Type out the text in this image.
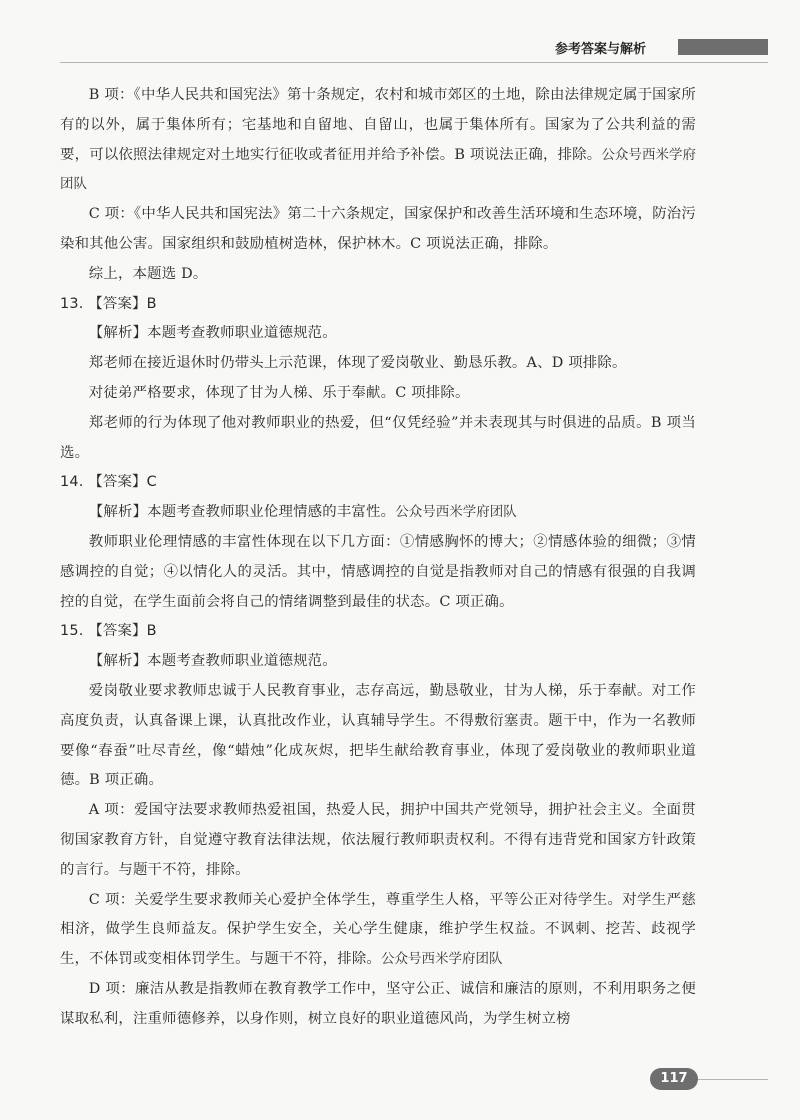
参考答案与解析

B 项：《中华人民共和国宪法》第十条规定，农村和城市郊区的土地，除由法律规定属于国家所有的以外，属于集体所有；宅基地和自留地、自留山，也属于集体所有。国家为了公共利益的需要，可以依照法律规定对土地实行征收或者征用并给予补偿。B 项说法正确，排除。公众号西米学府团队

C 项：《中华人民共和国宪法》第二十六条规定，国家保护和改善生活环境和生态环境，防治污染和其他公害。国家组织和鼓励植树造林，保护林木。C 项说法正确，排除。

综上，本题选 D。

13. 【答案】B

【解析】本题考查教师职业道德规范。

郑老师在接近退休时仍带头上示范课，体现了爱岗敬业、勤恳乐教。A、D 项排除。

对徒弟严格要求，体现了甘为人梯、乐于奉献。C 项排除。

郑老师的行为体现了他对教师职业的热爱，但“仅凭经验”并未表现其与时俱进的品质。B 项当选。

14. 【答案】C

【解析】本题考查教师职业伦理情感的丰富性。公众号西米学府团队

教师职业伦理情感的丰富性体现在以下几方面：①情感胸怀的博大；②情感体验的细微；③情感调控的自觉；④以情化人的灵活。其中，情感调控的自觉是指教师对自己的情感有很强的自我调控的自觉，在学生面前会将自己的情绪调整到最佳的状态。C 项正确。

15. 【答案】B

【解析】本题考查教师职业道德规范。

爱岗敬业要求教师忠诚于人民教育事业，志存高远，勤恳敬业，甘为人梯，乐于奉献。对工作高度负责，认真备课上课，认真批改作业，认真辅导学生。不得敷衍塞责。题干中，作为一名教师要像“春蚕”吐尽青丝，像“蜡烛”化成灰烬，把毕生献给教育事业，体现了爱岗敬业的教师职业道德。B 项正确。

A 项：爱国守法要求教师热爱祖国，热爱人民，拥护中国共产党领导，拥护社会主义。全面贯彻国家教育方针，自觉遵守教育法律法规，依法履行教师职责权利。不得有违背党和国家方针政策的言行。与题干不符，排除。

C 项：关爱学生要求教师关心爱护全体学生，尊重学生人格，平等公正对待学生。对学生严慈相济，做学生良师益友。保护学生安全，关心学生健康，维护学生权益。不讽刺、挖苦、歧视学生，不体罚或变相体罚学生。与题干不符，排除。公众号西米学府团队

D 项：廉洁从教是指教师在教育教学工作中，坚守公正、诚信和廉洁的原则，不利用职务之便谋取私利，注重师德修养，以身作则，树立良好的职业道德风尚，为学生树立榜

117
